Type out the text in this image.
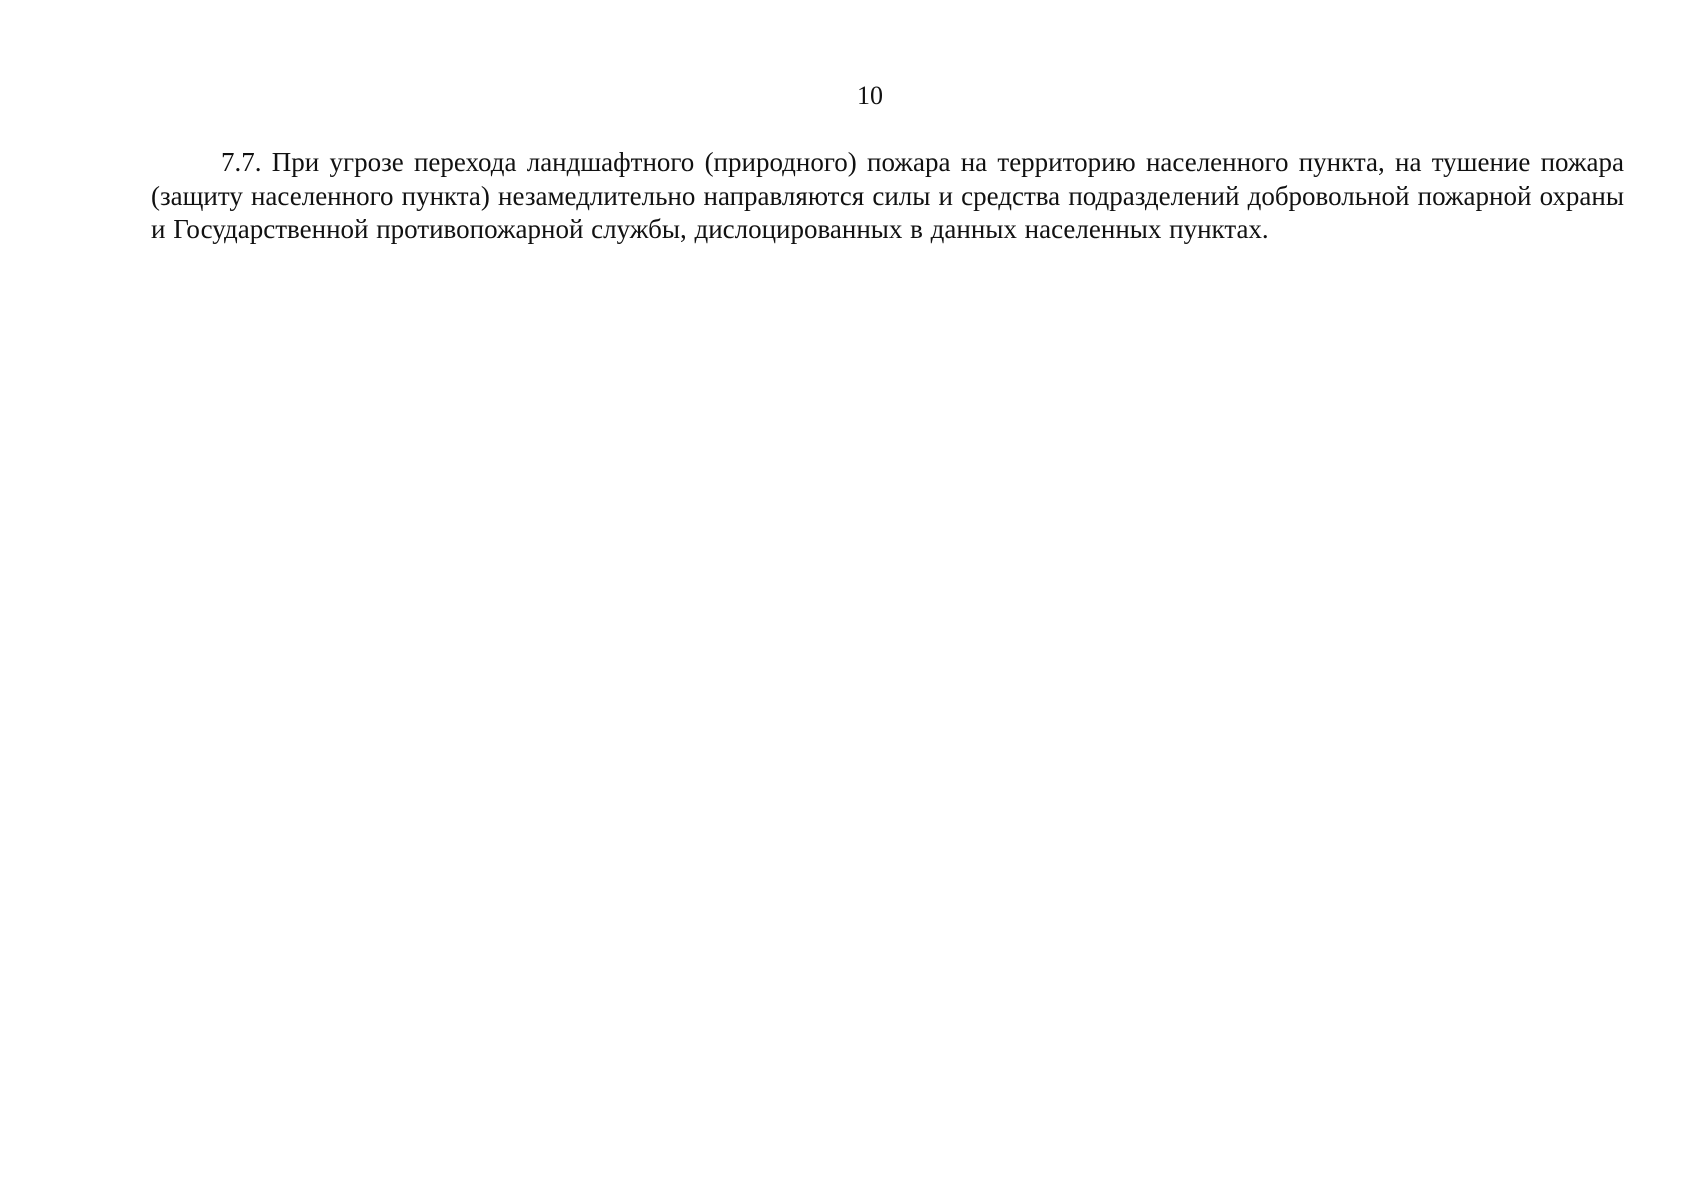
10

7.7. При угрозе перехода ландшафтного (природного) пожара на территорию населенного пункта, на тушение пожара (защиту населенного пункта) незамедлительно направляются силы и средства подразделений добровольной пожарной охраны и Государственной противопожарной службы, дислоцированных в данных населенных пунктах.
